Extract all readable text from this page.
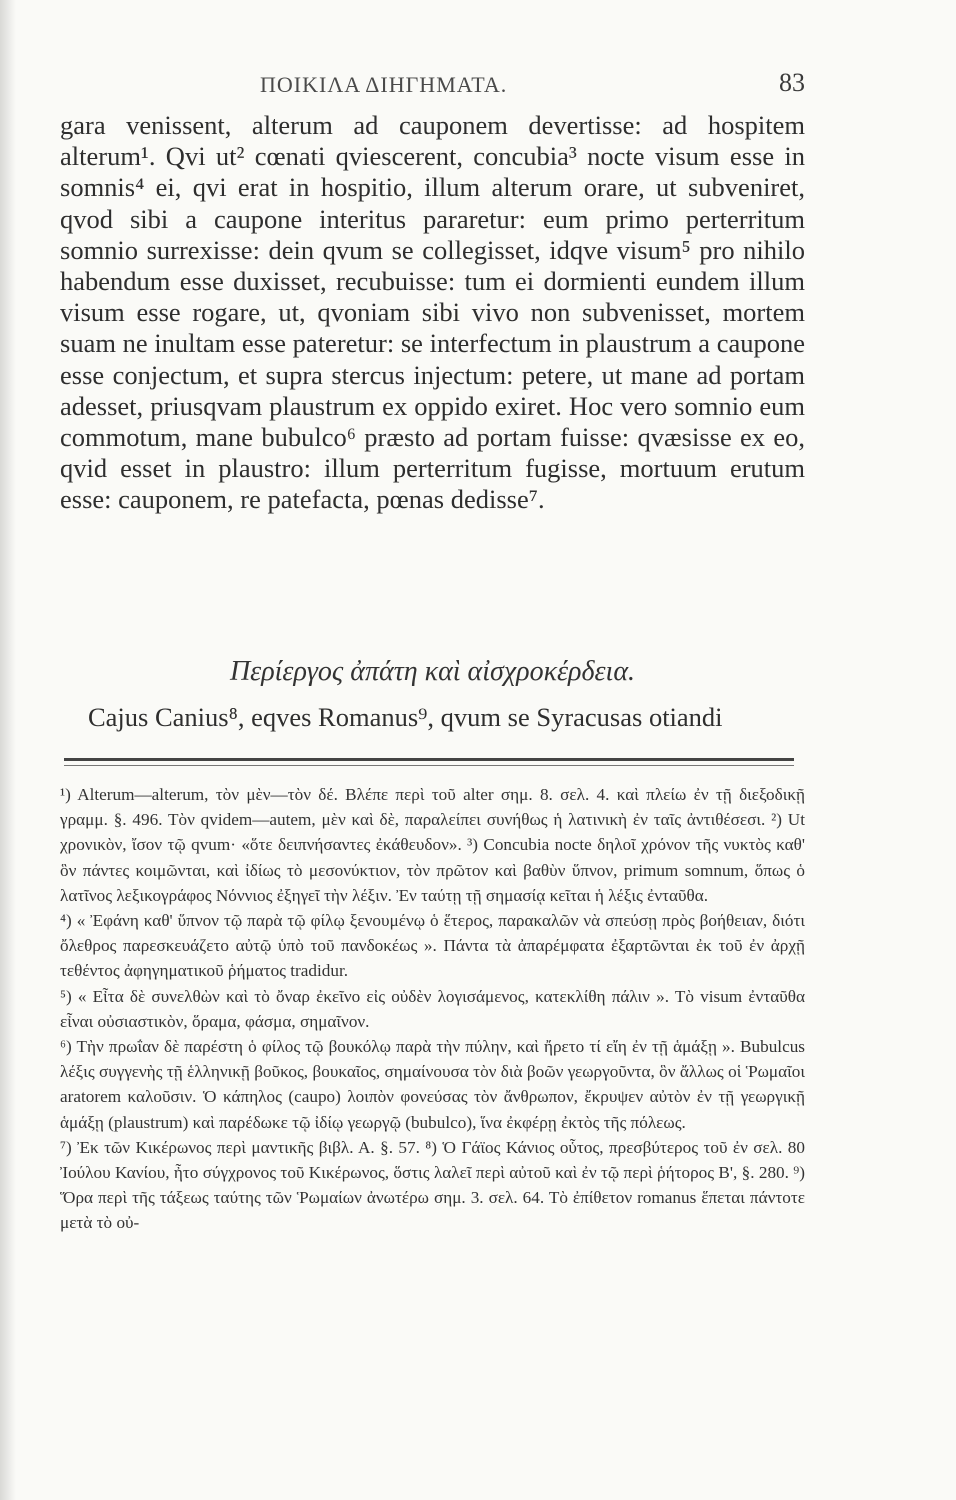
ΠΟΙΚΙΛΑ ΔΙΗΓΗΜΑΤΑ.	83

gara venissent, alterum ad cauponem devertisse: ad hospitem alterum¹. Qvi ut² cœnati qviescerent, concubia³ nocte visum esse in somnis⁴ ei, qvi erat in hospitio, illum alterum orare, ut subveniret, qvod sibi a caupone interitus pararetur: eum primo perterritum somnio surrexisse: dein qvum se collegisset, idqve visum⁵ pro nihilo habendum esse duxisset, recubuisse: tum ei dormienti eundem illum visum esse rogare, ut, qvoniam sibi vivo non subvenisset, mortem suam ne inultam esse pateretur: se interfectum in plaustrum a caupone esse conjectum, et supra stercus injectum: petere, ut mane ad portam adesset, priusqvam plaustrum ex oppido exiret. Hoc vero somnio eum commotum, mane bubulco⁶ præsto ad portam fuisse: qvæsisse ex eo, qvid esset in plaustro: illum perterritum fugisse, mortuum erutum esse: cauponem, re patefacta, pœnas dedisse⁷.

Περίεργος ἀπάτη καὶ αἰσχροκέρδεια.
Cajus Canius⁸, eqves Romanus⁹, qvum se Syracusas otiandi

¹) Alterum—alterum, τὸν μὲν—τὸν δέ. Βλέπε περὶ τοῦ alter σημ. 8. σελ. 4. καὶ πλείω ἐν τῇ διεξοδικῇ γραμμ. §. 496. Τὸν qvidem—autem, μὲν καὶ δὲ, παραλείπει συνήθως ἡ λατινικὴ ἐν ταῖς ἀντιθέσεσι. ²) Ut χρονικὸν, ἴσον τῷ qvum· «ὅτε δειπνήσαντες ἐκάθευδον». ³) Concubia nocte δηλοῖ χρόνον τῆς νυκτὸς καθ' ὃν πάντες κοιμῶνται, καὶ ἰδίως τὸ μεσονύκτιον, τὸν πρῶτον καὶ βαθὺν ὕπνον, primum somnum, ὅπως ὁ λατῖνος λεξικογράφος Νόννιος ἐξηγεῖ τὴν λέξιν. Ἐν ταύτῃ τῇ σημασίᾳ κεῖται ἡ λέξις ἐνταῦθα.

⁴) « Ἐφάνη καθ' ὕπνον τῷ παρὰ τῷ φίλῳ ξενουμένῳ ὁ ἕτερος, παρακαλῶν νὰ σπεύσῃ πρὸς βοήθειαν, διότι ὄλεθρος παρεσκευάζετο αὐτῷ ὑπὸ τοῦ πανδοκέως ». Πάντα τὰ ἀπαρέμφατα ἐξαρτῶνται ἐκ τοῦ ἐν ἀρχῇ τεθέντος ἀφηγηματικοῦ ῥήματος tradidur.

⁵) « Εἶτα δὲ συνελθὼν καὶ τὸ ὄναρ ἐκεῖνο εἰς οὐδὲν λογισάμενος, κατεκλίθη πάλιν ». Τὸ visum ἐνταῦθα εἶναι οὐσιαστικὸν, ὅραμα, φάσμα, σημαῖνον.

⁶) Τὴν πρωΐαν δὲ παρέστη ὁ φίλος τῷ βουκόλῳ παρὰ τὴν πύλην, καὶ ἤρετο τί εἴη ἐν τῇ ἁμάξῃ ». Bubulcus λέξις συγγενὴς τῇ ἑλληνικῇ βοῦκος, βουκαῖος, σημαίνουσα τὸν διὰ βοῶν γεωργοῦντα, ὃν ἄλλως οἱ Ῥωμαῖοι aratorem καλοῦσιν. Ὁ κάπηλος (caupo) λοιπὸν φονεύσας τὸν ἄνθρωπον, ἔκρυψεν αὐτὸν ἐν τῇ γεωργικῇ ἁμάξῃ (plaustrum) καὶ παρέδωκε τῷ ἰδίῳ γεωργῷ (bubulco), ἵνα ἐκφέρῃ ἐκτὸς τῆς πόλεως.

⁷) Ἐκ τῶν Κικέρωνος περὶ μαντικῆς βιβλ. Α. §. 57. ⁸) Ὁ Γάϊος Κάνιος οὗτος, πρεσβύτερος τοῦ ἐν σελ. 80 Ἰούλου Κανίου, ἦτο σύγχρονος τοῦ Κικέρωνος, ὅστις λαλεῖ περὶ αὐτοῦ καὶ ἐν τῷ περὶ ῥήτορος Β', §. 280. ⁹) Ὅρα περὶ τῆς τάξεως ταύτης τῶν Ῥωμαίων ἀνωτέρω σημ. 3. σελ. 64. Τὸ ἐπίθετον romanus ἕπεται πάντοτε μετὰ τὸ οὐ-
